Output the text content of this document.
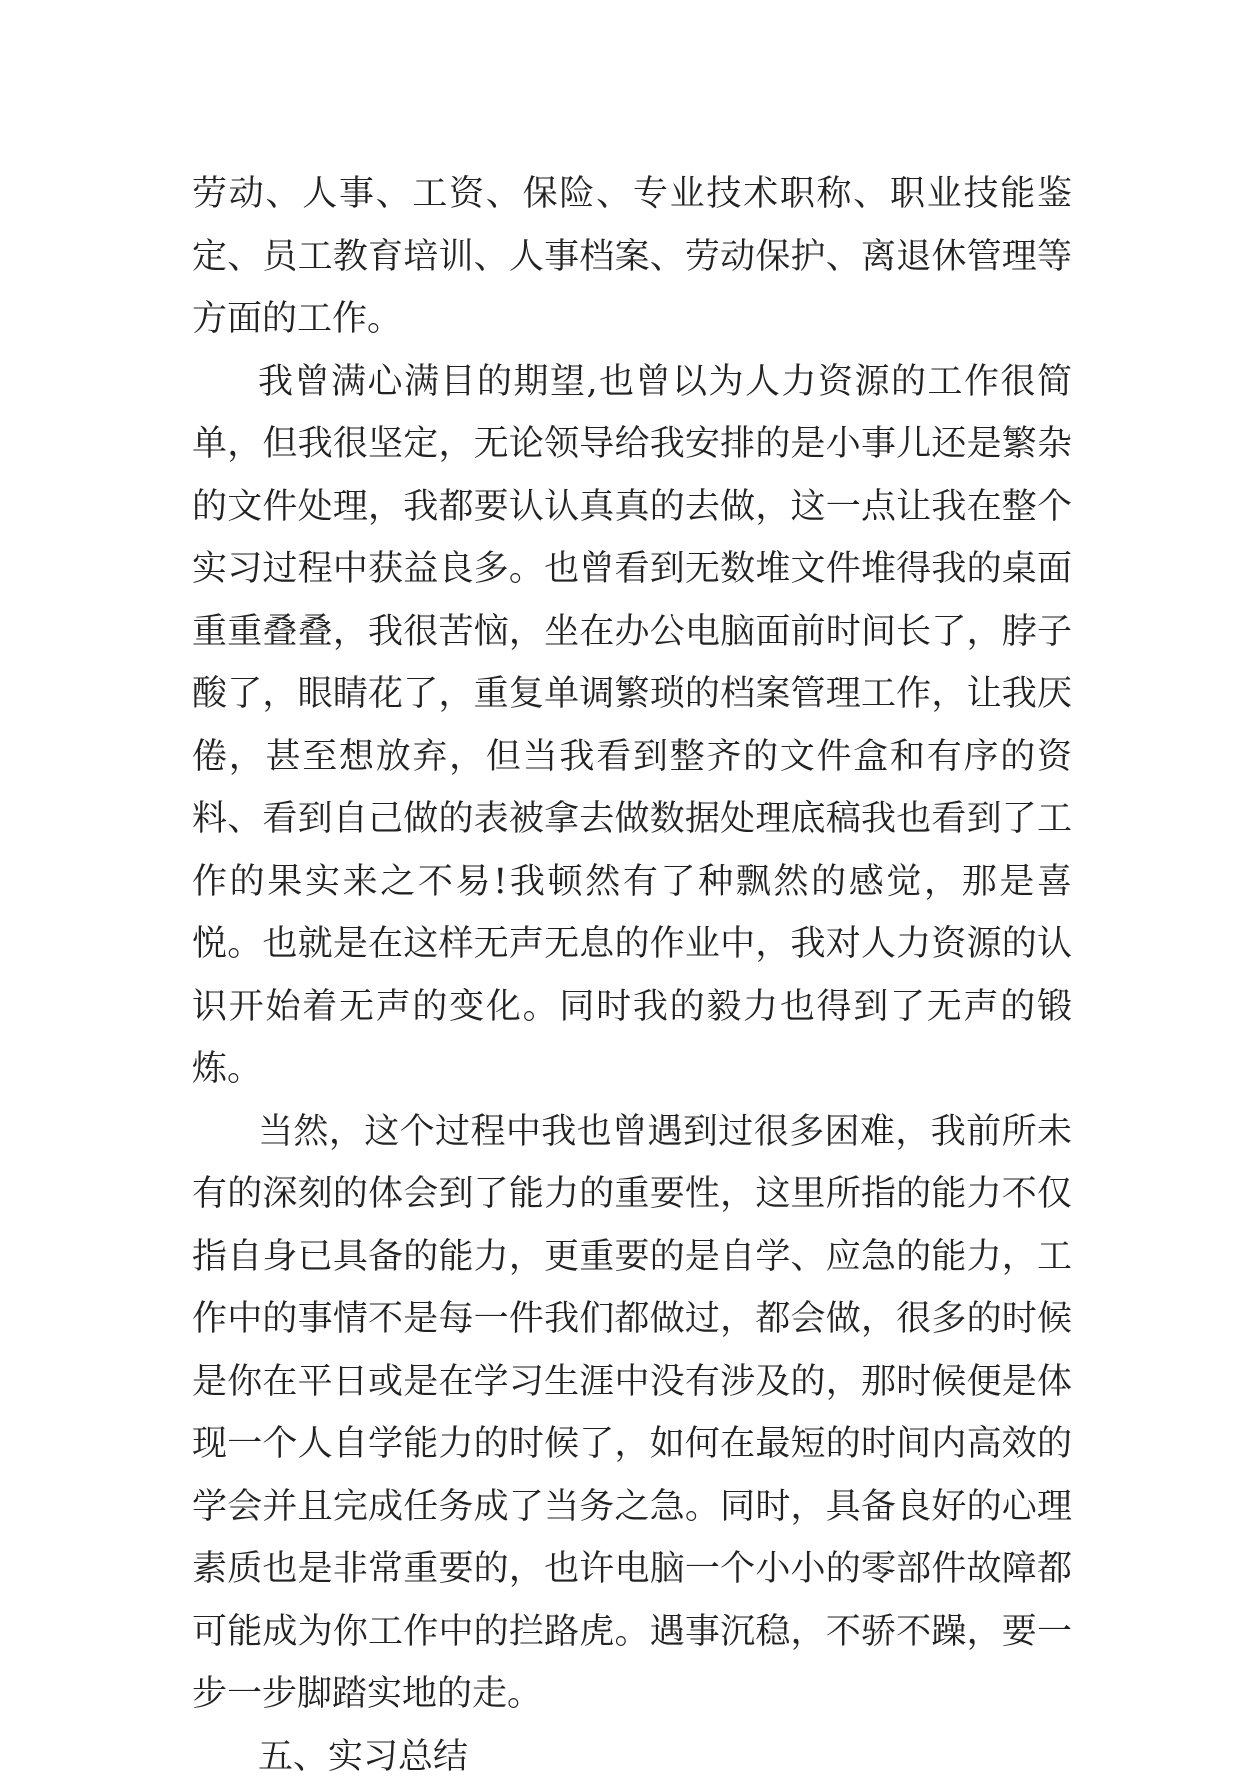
劳动、人事、工资、保险、专业技术职称、职业技能鉴定、员工教育培训、人事档案、劳动保护、离退休管理等方面的工作。

我曾满心满目的期望,也曾以为人力资源的工作很简单，但我很坚定，无论领导给我安排的是小事儿还是繁杂的文件处理，我都要认认真真的去做，这一点让我在整个实习过程中获益良多。也曾看到无数堆文件堆得我的桌面重重叠叠，我很苦恼，坐在办公电脑面前时间长了，脖子酸了，眼睛花了，重复单调繁琐的档案管理工作，让我厌倦，甚至想放弃，但当我看到整齐的文件盒和有序的资料、看到自己做的表被拿去做数据处理底稿我也看到了工作的果实来之不易!我顿然有了种飘然的感觉，那是喜悦。也就是在这样无声无息的作业中，我对人力资源的认识开始着无声的变化。同时我的毅力也得到了无声的锻炼。

当然，这个过程中我也曾遇到过很多困难，我前所未有的深刻的体会到了能力的重要性，这里所指的能力不仅指自身已具备的能力，更重要的是自学、应急的能力，工作中的事情不是每一件我们都做过，都会做，很多的时候是你在平日或是在学习生涯中没有涉及的，那时候便是体现一个人自学能力的时候了，如何在最短的时间内高效的学会并且完成任务成了当务之急。同时，具备良好的心理素质也是非常重要的，也许电脑一个小小的零部件故障都可能成为你工作中的拦路虎。遇事沉稳，不骄不躁，要一步一步脚踏实地的走。

五、实习总结
